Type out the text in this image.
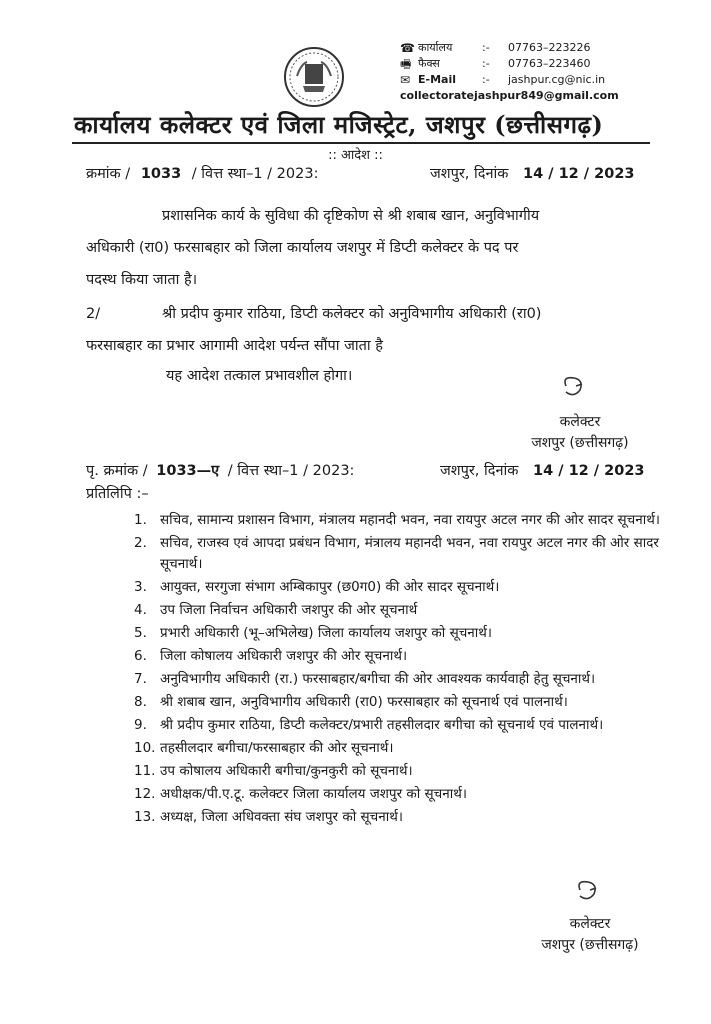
☎ कार्यालय	:-	07763–223226
🖷 फैक्स	:-	07763–223460
✉ E-Mail	:-	jashpur.cg@nic.in
collectoratejashpur849@gmail.com
कार्यालय कलेक्टर एवं जिला मजिस्ट्रेट, जशपुर (छत्तीसगढ़)
:: आदेश ::
क्रमांक / 1033 / वित्त स्था–1 / 2023:	जशपुर, दिनांक 14 / 12 / 2023
प्रशासनिक कार्य के सुविधा की दृष्टिकोण से श्री शबाब खान, अनुविभागीय
अधिकारी (रा0) फरसाबहार को जिला कार्यालय जशपुर में डिप्टी कलेक्टर के पद पर
पदस्थ किया जाता है।
2/	श्री प्रदीप कुमार राठिया, डिप्टी कलेक्टर को अनुविभागीय अधिकारी (रा0)
फरसाबहार का प्रभार आगामी आदेश पर्यन्त सौंपा जाता है
यह आदेश तत्काल प्रभावशील होगा।
कलेक्टर
जशपुर (छत्तीसगढ़)
पृ. क्रमांक / 1033—ए / वित्त स्था–1 / 2023:	जशपुर, दिनांक 14 / 12 / 2023
प्रतिलिपि :–
1. सचिव, सामान्य प्रशासन विभाग, मंत्रालय महानदी भवन, नवा रायपुर अटल नगर की ओर सादर सूचनार्थ।
2. सचिव, राजस्व एवं आपदा प्रबंधन विभाग, मंत्रालय महानदी भवन, नवा रायपुर अटल नगर की ओर सादर सूचनार्थ।
3. आयुक्त, सरगुजा संभाग अम्बिकापुर (छ0ग0) की ओर सादर सूचनार्थ।
4. उप जिला निर्वाचन अधिकारी जशपुर की ओर सूचनार्थ
5. प्रभारी अधिकारी (भू–अभिलेख) जिला कार्यालय जशपुर को सूचनार्थ।
6. जिला कोषालय अधिकारी जशपुर की ओर सूचनार्थ।
7. अनुविभागीय अधिकारी (रा.) फरसाबहार/बगीचा की ओर आवश्यक कार्यवाही हेतु सूचनार्थ।
8. श्री शबाब खान, अनुविभागीय अधिकारी (रा0) फरसाबहार को सूचनार्थ एवं पालनार्थ।
9. श्री प्रदीप कुमार राठिया, डिप्टी कलेक्टर/प्रभारी तहसीलदार बगीचा को सूचनार्थ एवं पालनार्थ।
10. तहसीलदार बगीचा/फरसाबहार की ओर सूचनार्थ।
11. उप कोषालय अधिकारी बगीचा/कुनकुरी को सूचनार्थ।
12. अधीक्षक/पी.ए.टू. कलेक्टर जिला कार्यालय जशपुर को सूचनार्थ।
13. अध्यक्ष, जिला अधिवक्ता संघ जशपुर को सूचनार्थ।
कलेक्टर
जशपुर (छत्तीसगढ़)
